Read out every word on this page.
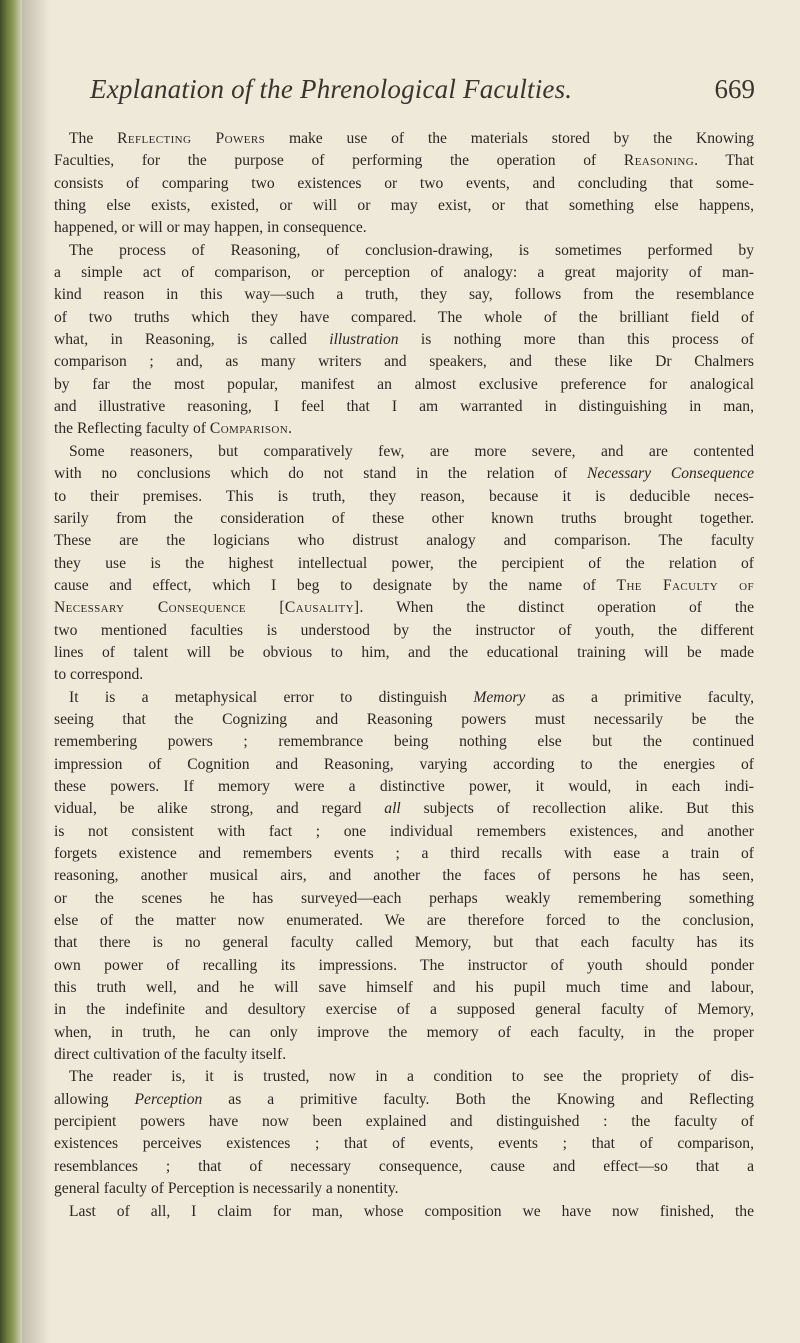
Explanation of the Phrenological Faculties.	669
The Reflecting Powers make use of the materials stored by the Knowing
Faculties, for the purpose of performing the operation of Reasoning. That
consists of comparing two existences or two events, and concluding that some-
thing else exists, existed, or will or may exist, or that something else happens,
happened, or will or may happen, in consequence.
The process of Reasoning, of conclusion-drawing, is sometimes performed by
a simple act of comparison, or perception of analogy: a great majority of man-
kind reason in this way—such a truth, they say, follows from the resemblance
of two truths which they have compared. The whole of the brilliant field of
what, in Reasoning, is called illustration is nothing more than this process of
comparison ; and, as many writers and speakers, and these like Dr Chalmers
by far the most popular, manifest an almost exclusive preference for analogical
and illustrative reasoning, I feel that I am warranted in distinguishing in man,
the Reflecting faculty of Comparison.
Some reasoners, but comparatively few, are more severe, and are contented
with no conclusions which do not stand in the relation of Necessary Consequence
to their premises. This is truth, they reason, because it is deducible neces-
sarily from the consideration of these other known truths brought together.
These are the logicians who distrust analogy and comparison. The faculty
they use is the highest intellectual power, the percipient of the relation of
cause and effect, which I beg to designate by the name of The Faculty of
Necessary Consequence [Causality]. When the distinct operation of the
two mentioned faculties is understood by the instructor of youth, the different
lines of talent will be obvious to him, and the educational training will be made
to correspond.
It is a metaphysical error to distinguish Memory as a primitive faculty,
seeing that the Cognizing and Reasoning powers must necessarily be the
remembering powers ; remembrance being nothing else but the continued
impression of Cognition and Reasoning, varying according to the energies of
these powers. If memory were a distinctive power, it would, in each indi-
vidual, be alike strong, and regard all subjects of recollection alike. But this
is not consistent with fact ; one individual remembers existences, and another
forgets existence and remembers events ; a third recalls with ease a train of
reasoning, another musical airs, and another the faces of persons he has seen,
or the scenes he has surveyed—each perhaps weakly remembering something
else of the matter now enumerated. We are therefore forced to the conclusion,
that there is no general faculty called Memory, but that each faculty has its
own power of recalling its impressions. The instructor of youth should ponder
this truth well, and he will save himself and his pupil much time and labour,
in the indefinite and desultory exercise of a supposed general faculty of Memory,
when, in truth, he can only improve the memory of each faculty, in the proper
direct cultivation of the faculty itself.
The reader is, it is trusted, now in a condition to see the propriety of dis-
allowing Perception as a primitive faculty. Both the Knowing and Reflecting
percipient powers have now been explained and distinguished : the faculty of
existences perceives existences ; that of events, events ; that of comparison,
resemblances ; that of necessary consequence, cause and effect—so that a
general faculty of Perception is necessarily a nonentity.
Last of all, I claim for man, whose composition we have now finished, the
